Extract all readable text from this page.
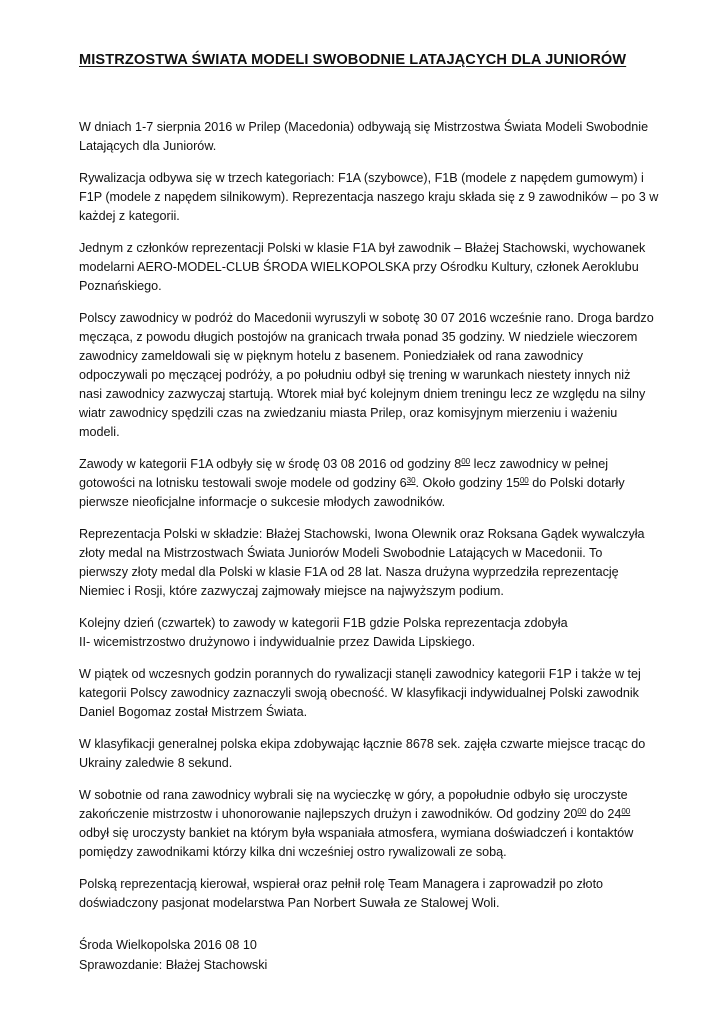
MISTRZOSTWA ŚWIATA MODELI SWOBODNIE LATAJĄCYCH DLA JUNIORÓW
W dniach 1-7 sierpnia 2016 w Prilep (Macedonia) odbywają się Mistrzostwa Świata Modeli Swobodnie
Latających dla Juniorów.
Rywalizacja odbywa się w trzech kategoriach: F1A (szybowce), F1B (modele z napędem gumowym) i
F1P (modele z napędem silnikowym). Reprezentacja naszego kraju składa się z 9 zawodników – po 3 w
każdej z kategorii.
Jednym z członków reprezentacji Polski w klasie F1A był zawodnik – Błażej Stachowski, wychowanek
modelarni AERO-MODEL-CLUB ŚRODA WIELKOPOLSKA przy Ośrodku Kultury, członek Aeroklubu
Poznańskiego.
Polscy zawodnicy w podróż do Macedonii wyruszyli w sobotę 30 07 2016 wcześnie rano. Droga bardzo
męcząca, z powodu długich postojów na granicach trwała ponad 35 godziny. W niedziele wieczorem
zawodnicy zameldowali się w pięknym hotelu z basenem. Poniedziałek od rana zawodnicy
odpoczywali po męczącej podróży, a po południu odbył się trening w warunkach niestety innych niż
nasi zawodnicy zazwyczaj startują. Wtorek miał być kolejnym dniem treningu lecz ze względu na silny
wiatr zawodnicy spędzili czas na zwiedzaniu miasta Prilep, oraz komisyjnym mierzeniu i ważeniu
modeli.
Zawody w kategorii F1A odbyły się w środę 03 08 2016 od godziny $8^{00}$ lecz zawodnicy w pełnej
gotowości na lotnisku testowali swoje modele od godziny $6^{30}$. Około godziny $15^{00}$ do Polski dotarły
pierwsze nieoficjalne informacje o sukcesie młodych zawodników.
Reprezentacja Polski w składzie: Błażej Stachowski, Iwona Olewnik oraz Roksana Gądek wywalczyła
złoty medal na Mistrzostwach Świata Juniorów Modeli Swobodnie Latających w Macedonii. To
pierwszy złoty medal dla Polski w klasie F1A od 28 lat. Nasza drużyna wyprzedziła reprezentację
Niemiec i Rosji, które zazwyczaj zajmowały miejsce na najwyższym podium.
Kolejny dzień (czwartek) to zawody w kategorii F1B gdzie Polska reprezentacja zdobyła
II- wicemistrzostwo drużynowo i indywidualnie przez Dawida Lipskiego.
W piątek od wczesnych godzin porannych do rywalizacji stanęli zawodnicy kategorii F1P i także w tej
kategorii Polscy zawodnicy zaznaczyli swoją obecność. W klasyfikacji indywidualnej Polski zawodnik
Daniel Bogomaz został Mistrzem Świata.
W klasyfikacji generalnej polska ekipa zdobywając łącznie 8678 sek. zajęła czwarte miejsce tracąc do
Ukrainy zaledwie 8 sekund.
W sobotnie od rana zawodnicy wybrali się na wycieczkę w góry, a popołudnie odbyło się uroczyste
zakończenie mistrzostw i uhonorowanie najlepszych drużyn i zawodników. Od godziny $20^{00}$ do $24^{00}$
odbył się uroczysty bankiet na którym była wspaniała atmosfera, wymiana doświadczeń i kontaktów
pomiędzy zawodnikami którzy kilka dni wcześniej ostro rywalizowali ze sobą.
Polską reprezentacją kierował, wspierał oraz pełnił rolę Team Managera i zaprowadził po złoto
doświadczony pasjonat modelarstwa Pan Norbert Suwała ze Stalowej Woli.
Środa Wielkopolska 2016 08 10
Sprawozdanie: Błażej Stachowski
